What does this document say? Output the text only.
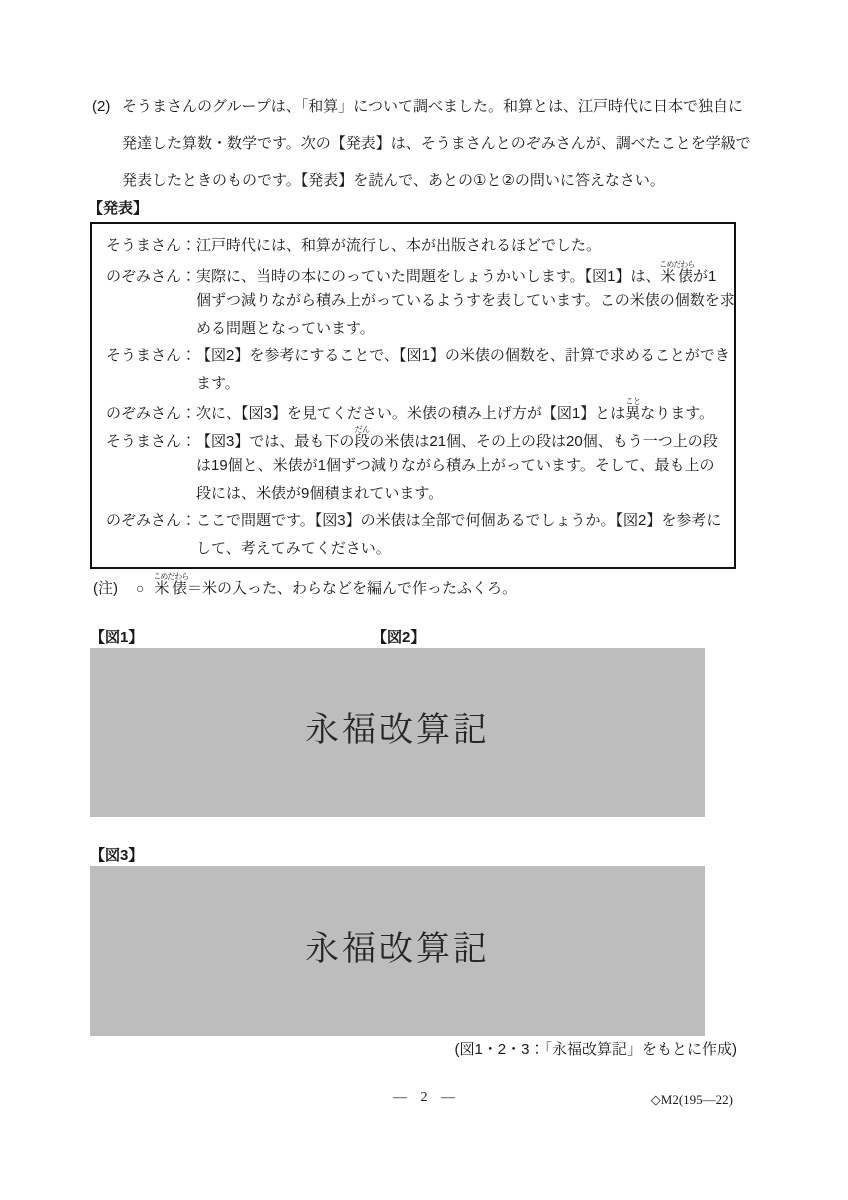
(2) そうまさんのグループは、「和算」について調べました。和算とは、江戸時代に日本で独自に
発達した算数・数学です。次の【発表】は、そうまさんとのぞみさんが、調べたことを学級で
発表したときのものです。【発表】を読んで、あとの①と②の問いに答えなさい。
【発表】
そうまさん：江戸時代には、和算が流行し、本が出版されるほどでした。
のぞみさん：実際に、当時の本にのっていた問題をしょうかいします。【図1】は、米俵こめだわらが1
個ずつ減りながら積み上がっているようすを表しています。この米俵の個数を求
める問題となっています。
そうまさん：【図2】を参考にすることで、【図1】の米俵の個数を、計算で求めることができ
ます。
のぞみさん：次に、【図3】を見てください。米俵の積み上げ方が【図1】とは異ことなります。
そうまさん：【図3】では、最も下の段だんの米俵は21個、その上の段は20個、もう一つ上の段
は19個と、米俵が1個ずつ減りながら積み上がっています。そして、最も上の
段には、米俵が9個積まれています。
のぞみさん：ここで問題です。【図3】の米俵は全部で何個あるでしょうか。【図2】を参考に
して、考えてみてください。
(注) ○ 米俵こめだわら＝米の入った、わらなどを編んで作ったふくろ。
【図1】	【図2】
永福改算記
【図3】
永福改算記
(図1・2・3：「永福改算記」をもとに作成)
— 2 —	◇M2(195—22)
